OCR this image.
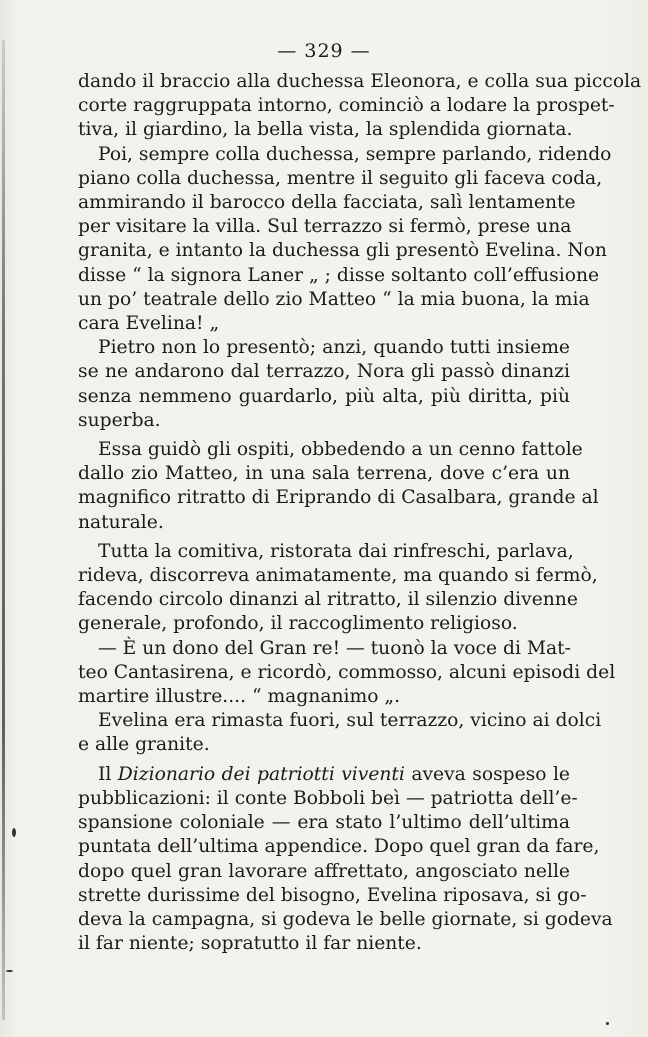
— 329 —
dando il braccio alla duchessa Eleonora, e colla sua piccola
corte raggruppata intorno, cominciò a lodare la prospet-
tiva, il giardino, la bella vista, la splendida giornata.
Poi, sempre colla duchessa, sempre parlando, ridendo
piano colla duchessa, mentre il seguito gli faceva coda,
ammirando il barocco della facciata, salì lentamente
per visitare la villa. Sul terrazzo si fermò, prese una
granita, e intanto la duchessa gli presentò Evelina. Non
disse “ la signora Laner „ ; disse soltanto coll’effusione
un po’ teatrale dello zio Matteo “ la mia buona, la mia
cara Evelina! „
Pietro non lo presentò; anzi, quando tutti insieme
se ne andarono dal terrazzo, Nora gli passò dinanzi
senza nemmeno guardarlo, più alta, più diritta, più
superba.
Essa guidò gli ospiti, obbedendo a un cenno fattole
dallo zio Matteo, in una sala terrena, dove c’era un
magnifico ritratto di Eriprando di Casalbara, grande al
naturale.
Tutta la comitiva, ristorata dai rinfreschi, parlava,
rideva, discorreva animatamente, ma quando si fermò,
facendo circolo dinanzi al ritratto, il silenzio divenne
generale, profondo, il raccoglimento religioso.
— È un dono del Gran re! — tuonò la voce di Mat-
teo Cantasirena, e ricordò, commosso, alcuni episodi del
martire illustre.... “ magnanimo „.
Evelina era rimasta fuori, sul terrazzo, vicino ai dolci
e alle granite.
Il Dizionario dei patriotti viventi aveva sospeso le
pubblicazioni: il conte Bobboli beì — patriotta dell’e-
spansione coloniale — era stato l’ultimo dell’ultima
puntata dell’ultima appendice. Dopo quel gran da fare,
dopo quel gran lavorare affrettato, angosciato nelle
strette durissime del bisogno, Evelina riposava, si go-
deva la campagna, si godeva le belle giornate, si godeva
il far niente; sopratutto il far niente.
